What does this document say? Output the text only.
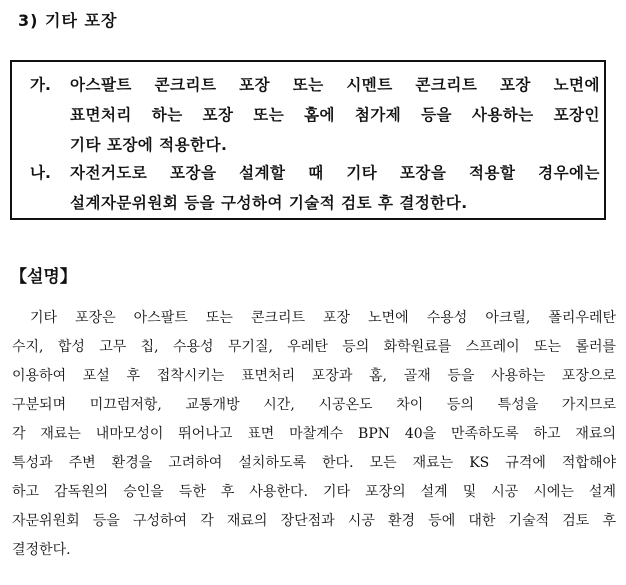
3) 기타 포장
가.	아스팔트 콘크리트 포장 또는 시멘트 콘크리트 포장 노면에
표면처리 하는 포장 또는 홈에 첨가제 등을 사용하는 포장인
기타 포장에 적용한다.
나.	자전거도로 포장을 설계할 때 기타 포장을 적용할 경우에는
설계자문위원회 등을 구성하여 기술적 검토 후 결정한다.
【설명】
기타 포장은 아스팔트 또는 콘크리트 포장 노면에 수용성 아크릴, 폴리우레탄
수지, 합성 고무 칩, 수용성 무기질, 우레탄 등의 화학원료를 스프레이 또는 롤러를
이용하여 포설 후 접착시키는 표면처리 포장과 홈, 골재 등을 사용하는 포장으로
구분되며 미끄럼저항, 교통개방 시간, 시공온도 차이 등의 특성을 가지므로
각 재료는 내마모성이 뛰어나고 표면 마찰계수 BPN 40을 만족하도록 하고 재료의
특성과 주변 환경을 고려하여 설치하도록 한다. 모든 재료는 KS 규격에 적합해야
하고 감독원의 승인을 득한 후 사용한다. 기타 포장의 설계 및 시공 시에는 설계
자문위원회 등을 구성하여 각 재료의 장단점과 시공 환경 등에 대한 기술적 검토 후
결정한다.
